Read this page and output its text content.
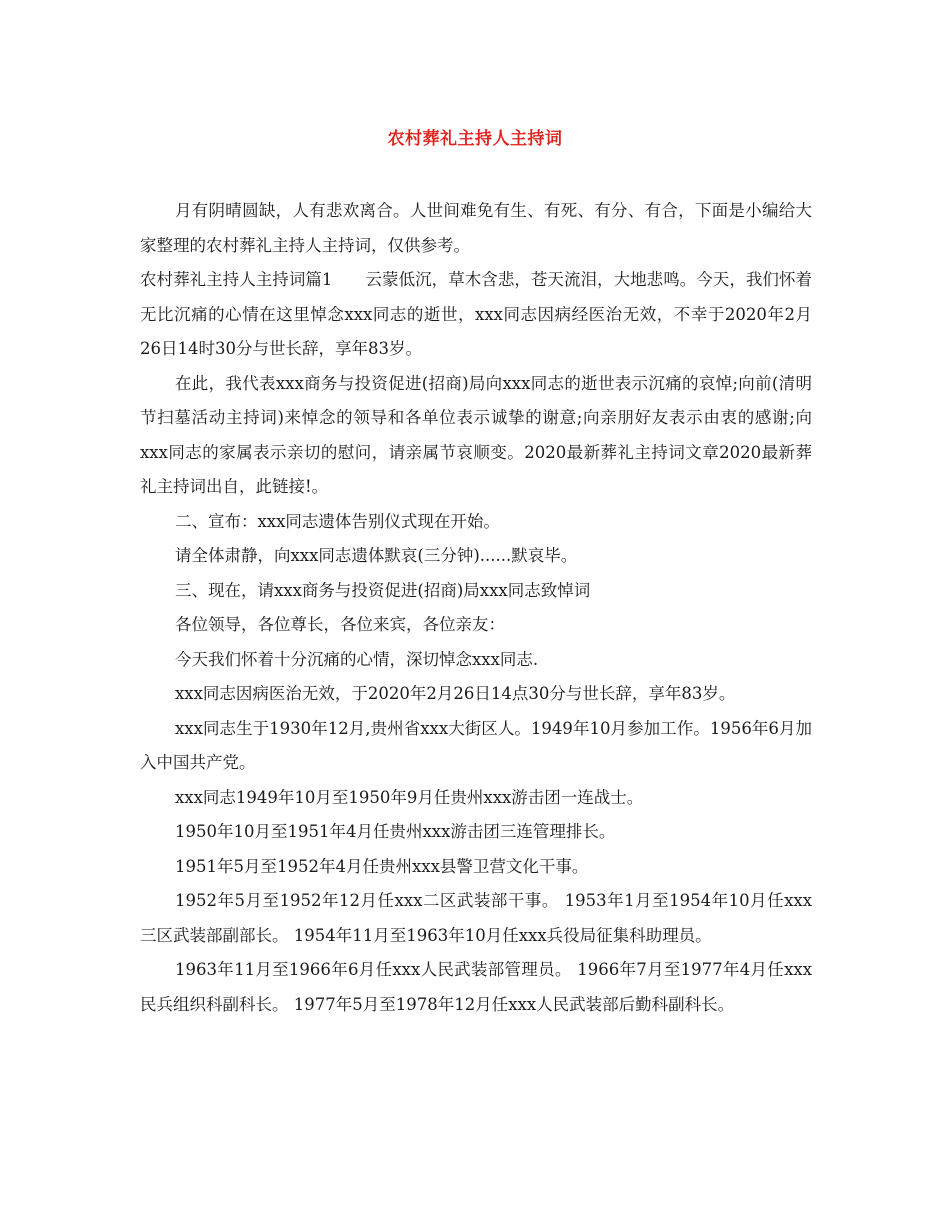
农村葬礼主持人主持词

月有阴晴圆缺，人有悲欢离合。人世间难免有生、有死、有分、有合，下面是小编给大家整理的农村葬礼主持人主持词，仅供参考。

农村葬礼主持人主持词篇1　　云蒙低沉，草木含悲，苍天流泪，大地悲鸣。今天，我们怀着无比沉痛的心情在这里悼念xxx同志的逝世，xxx同志因病经医治无效，不幸于2020年2月26日14时30分与世长辞，享年83岁。

在此，我代表xxx商务与投资促进(招商)局向xxx同志的逝世表示沉痛的哀悼;向前(清明节扫墓活动主持词)来悼念的领导和各单位表示诚挚的谢意;向亲朋好友表示由衷的感谢;向xxx同志的家属表示亲切的慰问，请亲属节哀顺变。2020最新葬礼主持词文章2020最新葬礼主持词出自，此链接!。

二、宣布：xxx同志遗体告别仪式现在开始。

请全体肃静，向xxx同志遗体默哀(三分钟)......默哀毕。

三、现在，请xxx商务与投资促进(招商)局xxx同志致悼词

各位领导，各位尊长，各位来宾，各位亲友：

今天我们怀着十分沉痛的心情，深切悼念xxx同志.

xxx同志因病医治无效，于2020年2月26日14点30分与世长辞，享年83岁。

xxx同志生于1930年12月,贵州省xxx大街区人。1949年10月参加工作。1956年6月加入中国共产党。

xxx同志1949年10月至1950年9月任贵州xxx游击团一连战士。

1950年10月至1951年4月任贵州xxx游击团三连管理排长。

1951年5月至1952年4月任贵州xxx县警卫营文化干事。

1952年5月至1952年12月任xxx二区武装部干事。 1953年1月至1954年10月任xxx三区武装部副部长。 1954年11月至1963年10月任xxx兵役局征集科助理员。

1963年11月至1966年6月任xxx人民武装部管理员。 1966年7月至1977年4月任xxx民兵组织科副科长。 1977年5月至1978年12月任xxx人民武装部后勤科副科长。
